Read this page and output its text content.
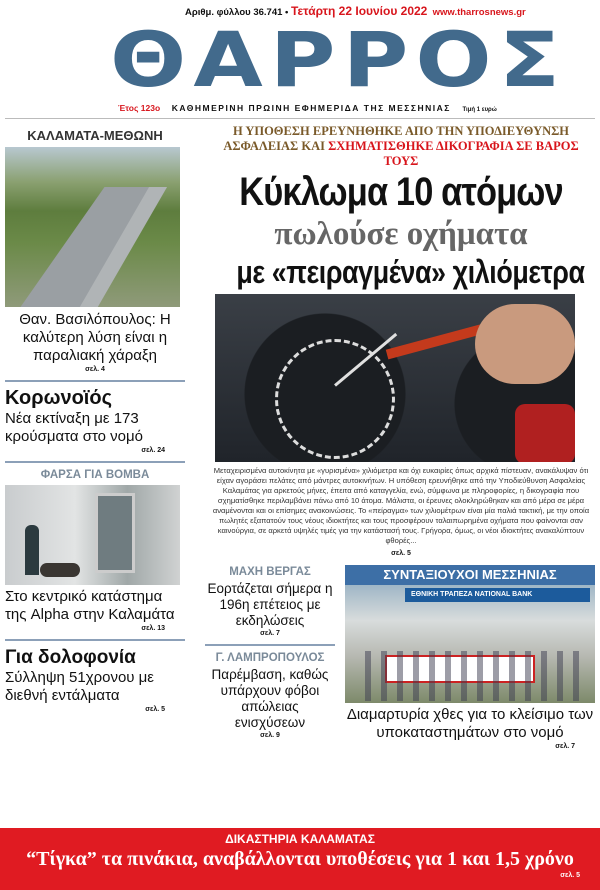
Αριθμ. φύλλου 36.741 • Τετάρτη 22 Ιουνίου 2022 www.tharrosnews.gr
ΘΑΡΡΟΣ
Έτος 123ο ΚΑΘΗΜΕΡΙΝΗ ΠΡΩΙΝΗ ΕΦΗΜΕΡΙΔΑ ΤΗΣ ΜΕΣΣΗΝΙΑΣ Τιμή 1 ευρώ
ΚΑΛΑΜΑΤΑ-ΜΕΘΩΝΗ
Θαν. Βασιλόπουλος: Η καλύτερη λύση είναι η παραλιακή χάραξη
σελ. 4
Κορωνοϊός
Νέα εκτίναξη με 173 κρούσματα στο νομό
σελ. 24
ΦΑΡΣΑ ΓΙΑ ΒΟΜΒΑ
Στο κεντρικό κατάστημα της Alpha στην Καλαμάτα
σελ. 13
Για δολοφονία
Σύλληψη 51χρονου με διεθνή εντάλματα
σελ. 5
Η ΥΠΟΘΕΣΗ ΕΡΕΥΝΗΘΗΚΕ ΑΠΟ ΤΗΝ ΥΠΟΔΙΕΥΘΥΝΣΗ
ΑΣΦΑΛΕΙΑΣ ΚΑΙ ΣΧΗΜΑΤΙΣΘΗΚΕ ΔΙΚΟΓΡΑΦΙΑ ΣΕ ΒΑΡΟΣ ΤΟΥΣ
Κύκλωμα 10 ατόμων
πωλούσε οχήματα
με «πειραγμένα» χιλιόμετρα
Μεταχειρισμένα αυτοκίνητα με «γυρισμένα» χιλιόμετρα και όχι ευκαιρίες όπως αρχικά πίστευαν, ανακάλυψαν ότι είχαν αγοράσει πελάτες από μάντρες αυτοκινήτων. Η υπόθεση ερευνήθηκε από την Υποδιεύθυνση Ασφαλείας Καλαμάτας για αρκετούς μήνες, έπειτα από καταγγελία, ενώ, σύμφωνα με πληροφορίες, η δικογραφία που σχηματίσθηκε περιλαμβάνει πάνω από 10 άτομα. Μάλιστα, οι έρευνες ολοκληρώθηκαν και από μέρα σε μέρα αναμένονται και οι επίσημες ανακοινώσεις. Το «πείραγμα» των χιλιομέτρων είναι μία παλιά τακτική, με την οποία πωλητές εξαπατούν τους νέους ιδιοκτήτες και τους προσφέρουν ταλαιπωρημένα οχήματα που φαίνονται σαν καινούργια, σε αρκετά υψηλές τιμές για την κατάστασή τους. Γρήγορα, όμως, οι νέοι ιδιοκτήτες ανακαλύπτουν φθορές...
σελ. 5
ΜΑΧΗ ΒΕΡΓΑΣ
Εορτάζεται σήμερα η 196η επέτειος με εκδηλώσεις
σελ. 7
Γ. ΛΑΜΠΡΟΠΟΥΛΟΣ
Παρέμβαση, καθώς υπάρχουν φόβοι απώλειας ενισχύσεων
σελ. 9
ΣΥΝΤΑΞΙΟΥΧΟΙ ΜΕΣΣΗΝΙΑΣ
ΕΘΝΙΚΗ ΤΡΑΠΕΖΑ NATIONAL BANK
Διαμαρτυρία χθες για το κλείσιμο των υποκαταστημάτων στο νομό
σελ. 7
ΔΙΚΑΣΤΗΡΙΑ ΚΑΛΑΜΑΤΑΣ
“Τίγκα” τα πινάκια, αναβάλλονται υποθέσεις για 1 και 1,5 χρόνο
σελ. 5
